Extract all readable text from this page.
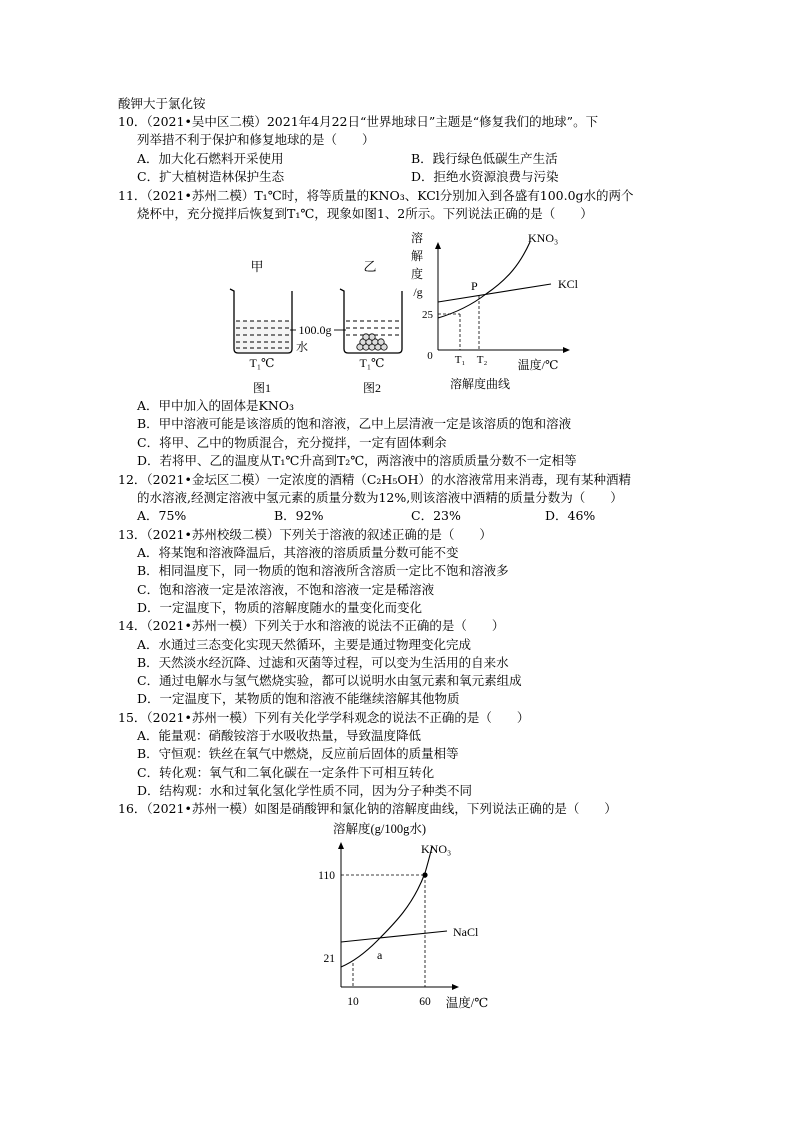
酸钾大于氯化铵
10．（2021•吴中区二模）2021年4月22日“世界地球日”主题是“修复我们的地球”。下
列举措不利于保护和修复地球的是（　　）
A．加大化石燃料开采使用	B．践行绿色低碳生产生活
C．扩大植树造林保护生态	D．拒绝水资源浪费与污染
11．（2021•苏州二模）T₁℃时，将等质量的KNO₃、KCl分别加入到各盛有100.0g水的两个
烧杯中，充分搅拌后恢复到T₁℃，现象如图1、2所示。下列说法正确的是（　　）
甲	乙
100.0g
水
T₁℃	T₁℃
图1	图2
溶
解
度
/g
0
KNO₃
KCl
P
25
T₁ T₂	温度/℃
溶解度曲线
A．甲中加入的固体是KNO₃
B．甲中溶液可能是该溶质的饱和溶液，乙中上层清液一定是该溶质的饱和溶液
C．将甲、乙中的物质混合，充分搅拌，一定有固体剩余
D．若将甲、乙的温度从T₁℃升高到T₂℃，两溶液中的溶质质量分数不一定相等
12．（2021•金坛区二模）一定浓度的酒精（C₂H₅OH）的水溶液常用来消毒，现有某种酒精
的水溶液,经测定溶液中氢元素的质量分数为12%,则该溶液中酒精的质量分数为（　　）
A．75%	B．92%	C．23%	D．46%
13．（2021•苏州校级二模）下列关于溶液的叙述正确的是（　　）
A．将某饱和溶液降温后，其溶液的溶质质量分数可能不变
B．相同温度下，同一物质的饱和溶液所含溶质一定比不饱和溶液多
C．饱和溶液一定是浓溶液，不饱和溶液一定是稀溶液
D．一定温度下，物质的溶解度随水的量变化而变化
14．（2021•苏州一模）下列关于水和溶液的说法不正确的是（　　）
A．水通过三态变化实现天然循环，主要是通过物理变化完成
B．天然淡水经沉降、过滤和灭菌等过程，可以变为生活用的自来水
C．通过电解水与氢气燃烧实验，都可以说明水由氢元素和氧元素组成
D．一定温度下，某物质的饱和溶液不能继续溶解其他物质
15．（2021•苏州一模）下列有关化学学科观念的说法不正确的是（　　）
A．能量观：硝酸铵溶于水吸收热量，导致温度降低
B．守恒观：铁丝在氧气中燃烧，反应前后固体的质量相等
C．转化观：氧气和二氧化碳在一定条件下可相互转化
D．结构观：水和过氧化氢化学性质不同，因为分子种类不同
16．（2021•苏州一模）如图是硝酸钾和氯化钠的溶解度曲线，下列说法正确的是（　　）
溶解度(g/100g水)
KNO₃
NaCl
a
110
21
10	60 温度/℃
